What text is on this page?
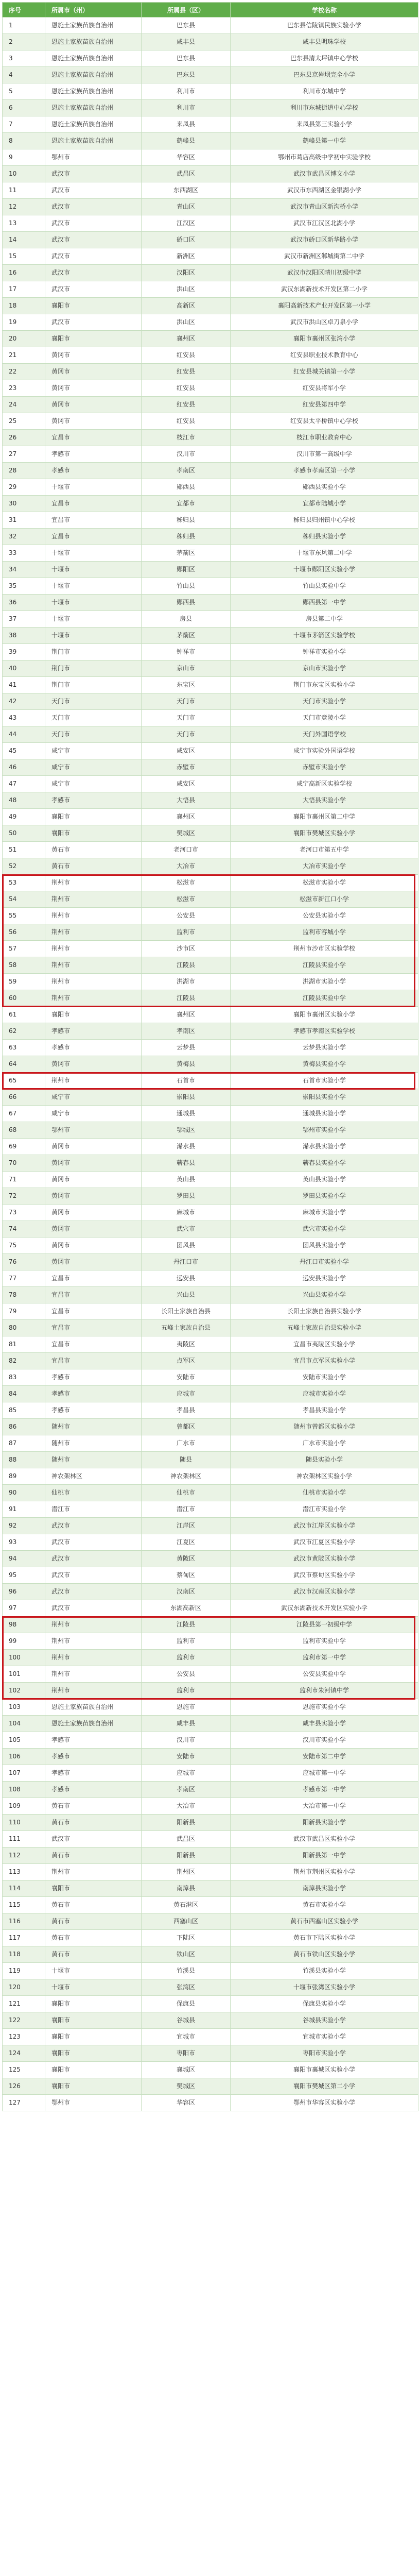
序号	所属市（州）	所属县（区）	学校名称
1	恩施土家族苗族自治州	巴东县	巴东县信陵镇民族实验小学
2	恩施土家族苗族自治州	咸丰县	咸丰县明珠学校
3	恩施土家族苗族自治州	巴东县	巴东县清太坪镇中心学校
4	恩施土家族苗族自治州	巴东县	巴东县京岩坝完全小学
5	恩施土家族苗族自治州	利川市	利川市东城中学
6	恩施土家族苗族自治州	利川市	利川市东城街道中心学校
7	恩施土家族苗族自治州	来凤县	来凤县第三实验小学
8	恩施土家族苗族自治州	鹤峰县	鹤峰县第一中学
9	鄂州市	华容区	鄂州市葛店高级中学初中实验学校
10	武汉市	武昌区	武汉市武昌区博文小学
11	武汉市	东西湖区	武汉市东西湖区金银湖小学
12	武汉市	青山区	武汉市青山区新沟桥小学
13	武汉市	江汉区	武汉市江汉区北湖小学
14	武汉市	硚口区	武汉市硚口区新华路小学
15	武汉市	新洲区	武汉市新洲区邾城街第二中学
16	武汉市	汉阳区	武汉市汉阳区晴川初级中学
17	武汉市	洪山区	武汉东湖新技术开发区第二小学
18	襄阳市	高新区	襄阳高新技术产业开发区第一小学
19	武汉市	洪山区	武汉市洪山区卓刀泉小学
20	襄阳市	襄州区	襄阳市襄州区张湾小学
21	黄冈市	红安县	红安县职业技术教育中心
22	黄冈市	红安县	红安县城关镇第一小学
23	黄冈市	红安县	红安县将军小学
24	黄冈市	红安县	红安县第四中学
25	黄冈市	红安县	红安县太平桥镇中心学校
26	宜昌市	枝江市	枝江市职业教育中心
27	孝感市	汉川市	汉川市第一高级中学
28	孝感市	孝南区	孝感市孝南区第一小学
29	十堰市	郧西县	郧西县实验小学
30	宜昌市	宜都市	宜都市陆城小学
31	宜昌市	秭归县	秭归县归州镇中心学校
32	宜昌市	秭归县	秭归县实验小学
33	十堰市	茅箭区	十堰市东风第二中学
34	十堰市	郧阳区	十堰市郧阳区实验小学
35	十堰市	竹山县	竹山县实验中学
36	十堰市	郧西县	郧西县第一中学
37	十堰市	房县	房县第二中学
38	十堰市	茅箭区	十堰市茅箭区实验学校
39	荆门市	钟祥市	钟祥市实验小学
40	荆门市	京山市	京山市实验小学
41	荆门市	东宝区	荆门市东宝区实验小学
42	天门市	天门市	天门市实验小学
43	天门市	天门市	天门市竟陵小学
44	天门市	天门市	天门外国语学校
45	咸宁市	咸安区	咸宁市实验外国语学校
46	咸宁市	赤壁市	赤壁市实验小学
47	咸宁市	咸安区	咸宁高新区实验学校
48	孝感市	大悟县	大悟县实验小学
49	襄阳市	襄州区	襄阳市襄州区第二中学
50	襄阳市	樊城区	襄阳市樊城区实验小学
51	黄石市	老河口市	老河口市第五中学
52	黄石市	大冶市	大冶市实验小学
53	荆州市	松滋市	松滋市实验小学
54	荆州市	松滋市	松滋市新江口小学
55	荆州市	公安县	公安县实验小学
56	荆州市	监利市	监利市容城小学
57	荆州市	沙市区	荆州市沙市区实验学校
58	荆州市	江陵县	江陵县实验小学
59	荆州市	洪湖市	洪湖市实验小学
60	荆州市	江陵县	江陵县实验中学
61	襄阳市	襄州区	襄阳市襄州区实验小学
62	孝感市	孝南区	孝感市孝南区实验学校
63	孝感市	云梦县	云梦县实验小学
64	黄冈市	黄梅县	黄梅县实验小学
65	荆州市	石首市	石首市实验小学
66	咸宁市	崇阳县	崇阳县实验小学
67	咸宁市	通城县	通城县实验小学
68	鄂州市	鄂城区	鄂州市实验小学
69	黄冈市	浠水县	浠水县实验小学
70	黄冈市	蕲春县	蕲春县实验小学
71	黄冈市	英山县	英山县实验小学
72	黄冈市	罗田县	罗田县实验小学
73	黄冈市	麻城市	麻城市实验小学
74	黄冈市	武穴市	武穴市实验小学
75	黄冈市	团风县	团风县实验小学
76	黄冈市	丹江口市	丹江口市实验小学
77	宜昌市	远安县	远安县实验小学
78	宜昌市	兴山县	兴山县实验小学
79	宜昌市	长阳土家族自治县	长阳土家族自治县实验小学
80	宜昌市	五峰土家族自治县	五峰土家族自治县实验小学
81	宜昌市	夷陵区	宜昌市夷陵区实验小学
82	宜昌市	点军区	宜昌市点军区实验小学
83	孝感市	安陆市	安陆市实验小学
84	孝感市	应城市	应城市实验小学
85	孝感市	孝昌县	孝昌县实验小学
86	随州市	曾都区	随州市曾都区实验小学
87	随州市	广水市	广水市实验小学
88	随州市	随县	随县实验小学
89	神农架林区	神农架林区	神农架林区实验小学
90	仙桃市	仙桃市	仙桃市实验小学
91	潜江市	潜江市	潜江市实验小学
92	武汉市	江岸区	武汉市江岸区实验小学
93	武汉市	江夏区	武汉市江夏区实验小学
94	武汉市	黄陂区	武汉市黄陂区实验小学
95	武汉市	蔡甸区	武汉市蔡甸区实验小学
96	武汉市	汉南区	武汉市汉南区实验小学
97	武汉市	东湖高新区	武汉东湖新技术开发区实验小学
98	荆州市	江陵县	江陵县第一初级中学
99	荆州市	监利市	监利市实验中学
100	荆州市	监利市	监利市第一中学
101	荆州市	公安县	公安县实验中学
102	荆州市	监利市	监利市朱河镇中学
103	恩施土家族苗族自治州	恩施市	恩施市实验小学
104	恩施土家族苗族自治州	咸丰县	咸丰县实验小学
105	孝感市	汉川市	汉川市实验小学
106	孝感市	安陆市	安陆市第二中学
107	孝感市	应城市	应城市第一中学
108	孝感市	孝南区	孝感市第一中学
109	黄石市	大冶市	大冶市第一中学
110	黄石市	阳新县	阳新县实验小学
111	武汉市	武昌区	武汉市武昌区实验小学
112	黄石市	阳新县	阳新县第一中学
113	荆州市	荆州区	荆州市荆州区实验小学
114	襄阳市	南漳县	南漳县实验小学
115	黄石市	黄石港区	黄石市实验小学
116	黄石市	西塞山区	黄石市西塞山区实验小学
117	黄石市	下陆区	黄石市下陆区实验小学
118	黄石市	铁山区	黄石市铁山区实验小学
119	十堰市	竹溪县	竹溪县实验小学
120	十堰市	张湾区	十堰市张湾区实验小学
121	襄阳市	保康县	保康县实验小学
122	襄阳市	谷城县	谷城县实验小学
123	襄阳市	宜城市	宜城市实验小学
124	襄阳市	枣阳市	枣阳市实验小学
125	襄阳市	襄城区	襄阳市襄城区实验小学
126	襄阳市	樊城区	襄阳市樊城区第二小学
127	鄂州市	华容区	鄂州市华容区实验小学
